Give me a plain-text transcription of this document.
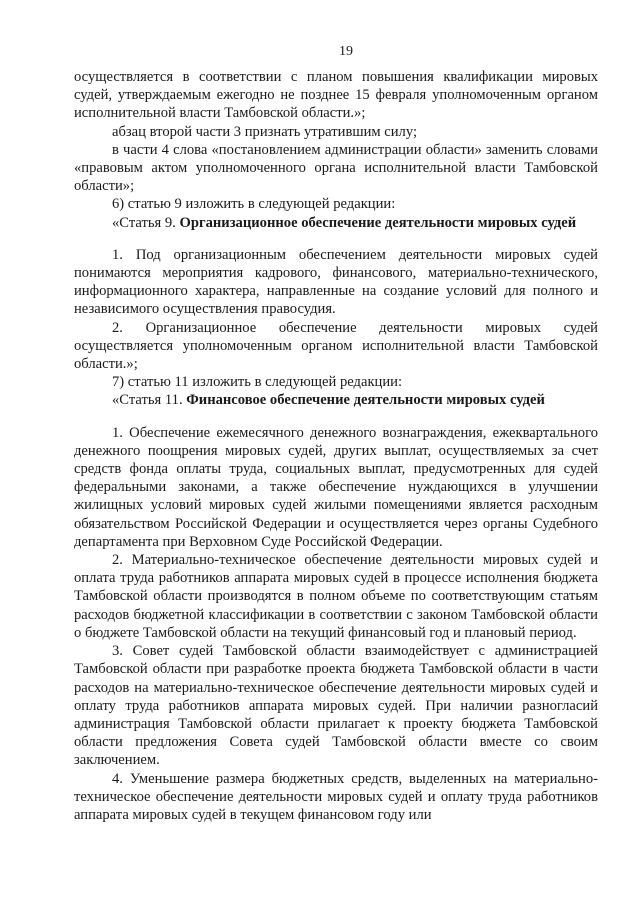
19

осуществляется в соответствии с планом повышения квалификации мировых судей, утверждаемым ежегодно не позднее 15 февраля уполномоченным органом исполнительной власти Тамбовской области.»;

абзац второй части 3 признать утратившим силу;

в части 4 слова «постановлением администрации области» заменить словами «правовым актом уполномоченного органа исполнительной власти Тамбовской области»;

6) статью 9 изложить в следующей редакции:

«Статья 9. Организационное обеспечение деятельности мировых судей

1. Под организационным обеспечением деятельности мировых судей понимаются мероприятия кадрового, финансового, материально-технического, информационного характера, направленные на создание условий для полного и независимого осуществления правосудия.

2. Организационное обеспечение деятельности мировых судей осуществляется уполномоченным органом исполнительной власти Тамбовской области.»;

7) статью 11 изложить в следующей редакции:

«Статья 11. Финансовое обеспечение деятельности мировых судей

1. Обеспечение ежемесячного денежного вознаграждения, ежеквартального денежного поощрения мировых судей, других выплат, осуществляемых за счет средств фонда оплаты труда, социальных выплат, предусмотренных для судей федеральными законами, а также обеспечение нуждающихся в улучшении жилищных условий мировых судей жилыми помещениями является расходным обязательством Российской Федерации и осуществляется через органы Судебного департамента при Верховном Суде Российской Федерации.

2. Материально-техническое обеспечение деятельности мировых судей и оплата труда работников аппарата мировых судей в процессе исполнения бюджета Тамбовской области производятся в полном объеме по соответствующим статьям расходов бюджетной классификации в соответствии с законом Тамбовской области о бюджете Тамбовской области на текущий финансовый год и плановый период.

3. Совет судей Тамбовской области взаимодействует с администрацией Тамбовской области при разработке проекта бюджета Тамбовской области в части расходов на материально-техническое обеспечение деятельности мировых судей и оплату труда работников аппарата мировых судей. При наличии разногласий администрация Тамбовской области прилагает к проекту бюджета Тамбовской области предложения Совета судей Тамбовской области вместе со своим заключением.

4. Уменьшение размера бюджетных средств, выделенных на материально-техническое обеспечение деятельности мировых судей и оплату труда работников аппарата мировых судей в текущем финансовом году или
